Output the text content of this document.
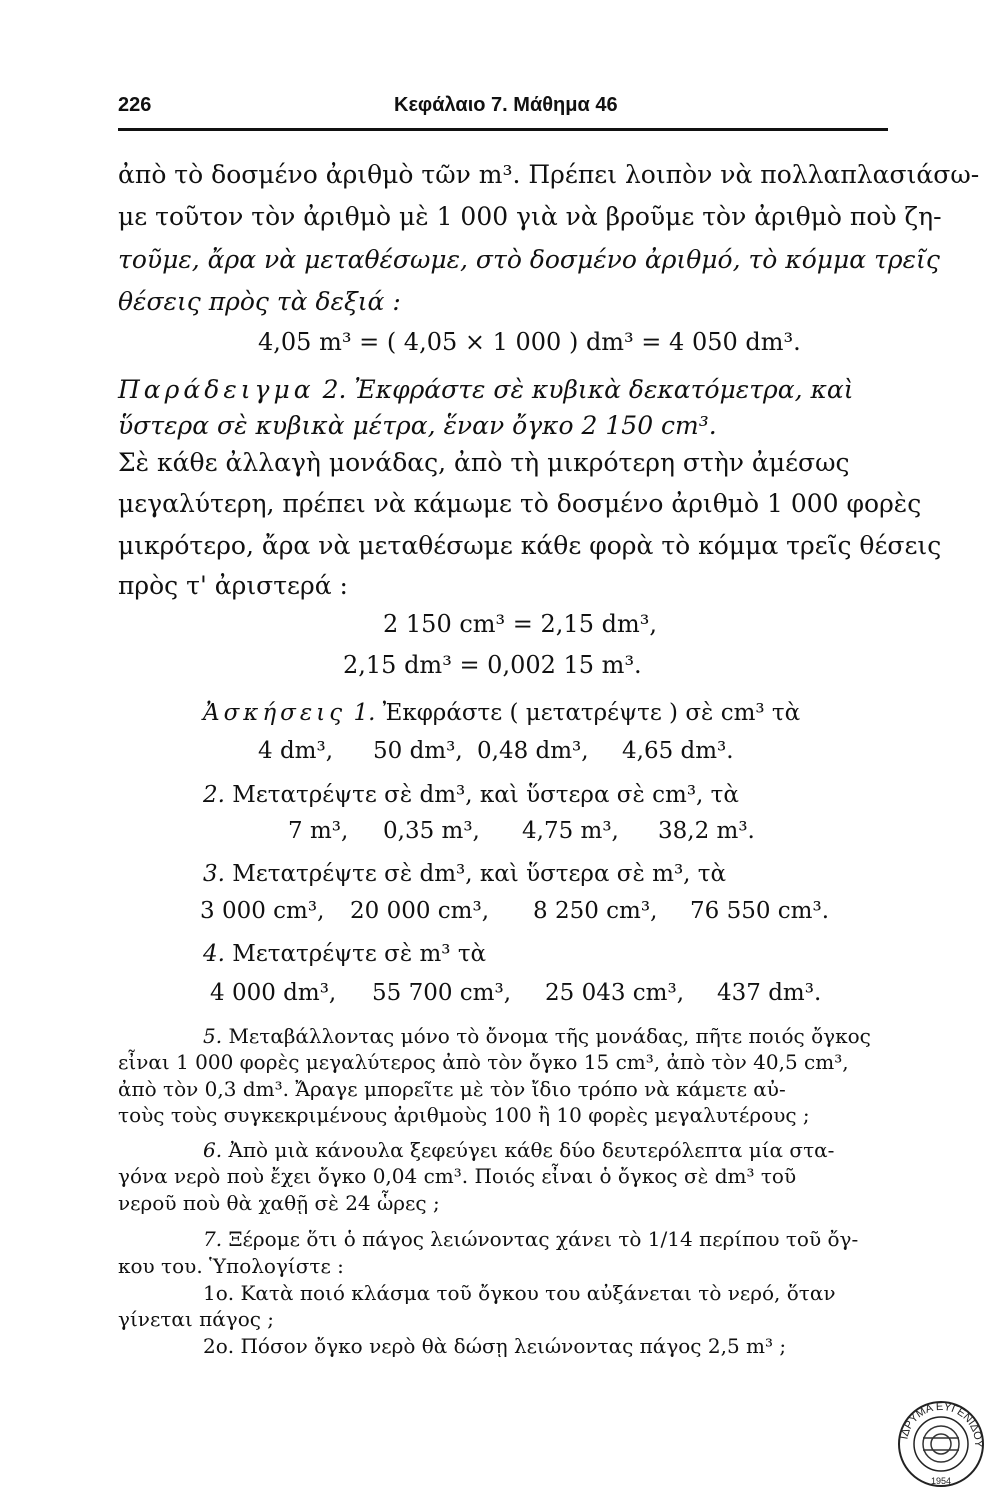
226	Κεφάλαιο 7. Μάθημα 46
ἀπὸ τὸ δοσμένο ἀριθμὸ τῶν m³. Πρέπει λοιπὸν νὰ πολλαπλασιάσω-
με τοῦτον τὸν ἀριθμὸ μὲ 1 000 γιὰ νὰ βροῦμε τὸν ἀριθμὸ ποὺ ζη-
τοῦμε, ἄρα νὰ μεταθέσωμε, στὸ δοσμένο ἀριθμό, τὸ κόμμα τρεῖς
θέσεις πρὸς τὰ δεξιά :
4,05 m³ = ( 4,05 × 1 000 ) dm³ = 4 050 dm³.
Παράδειγμα 2. Ἐκφράστε σὲ κυβικὰ δεκατόμετρα, καὶ
ὕστερα σὲ κυβικὰ μέτρα, ἕναν ὄγκο 2 150 cm³.
Σὲ κάθε ἀλλαγὴ μονάδας, ἀπὸ τὴ μικρότερη στὴν ἀμέσως
μεγαλύτερη, πρέπει νὰ κάμωμε τὸ δοσμένο ἀριθμὸ 1 000 φορὲς
μικρότερο, ἄρα νὰ μεταθέσωμε κάθε φορὰ τὸ κόμμα τρεῖς θέσεις
πρὸς τ' ἀριστερά :
2 150 cm³ = 2,15 dm³,
2,15 dm³ = 0,002 15 m³.
Ἀσκήσεις 1. Ἐκφράστε ( μετατρέψτε ) σὲ cm³ τὰ
4 dm³, 50 dm³, 0,48 dm³, 4,65 dm³.
2. Μετατρέψτε σὲ dm³, καὶ ὕστερα σὲ cm³, τὰ
7 m³, 0,35 m³, 4,75 m³, 38,2 m³.
3. Μετατρέψτε σὲ dm³, καὶ ὕστερα σὲ m³, τὰ
3 000 cm³, 20 000 cm³, 8 250 cm³, 76 550 cm³.
4. Μετατρέψτε σὲ m³ τὰ
4 000 dm³, 55 700 cm³, 25 043 cm³, 437 dm³.
5. Μεταβάλλοντας μόνο τὸ ὄνομα τῆς μονάδας, πῆτε ποιός ὄγκος
εἶναι 1 000 φορὲς μεγαλύτερος ἀπὸ τὸν ὄγκο 15 cm³, ἀπὸ τὸν 40,5 cm³,
ἀπὸ τὸν 0,3 dm³. Ἄραγε μπορεῖτε μὲ τὸν ἴδιο τρόπο νὰ κάμετε αὐ-
τοὺς τοὺς συγκεκριμένους ἀριθμοὺς 100 ἢ 10 φορὲς μεγαλυτέρους ;
6. Ἀπὸ μιὰ κάνουλα ξεφεύγει κάθε δύο δευτερόλεπτα μία στα-
γόνα νερὸ ποὺ ἔχει ὄγκο 0,04 cm³. Ποιός εἶναι ὁ ὄγκος σὲ dm³ τοῦ
νεροῦ ποὺ θὰ χαθῇ σὲ 24 ὧρες ;
7. Ξέρομε ὅτι ὁ πάγος λειώνοντας χάνει τὸ 1/14 περίπου τοῦ ὄγ-
κου του. Ὑπολογίστε :
1ο. Κατὰ ποιό κλάσμα τοῦ ὄγκου του αὐξάνεται τὸ νερό, ὅταν
γίνεται πάγος ;
2ο. Πόσον ὄγκο νερὸ θὰ δώσῃ λειώνοντας πάγος 2,5 m³ ;
ΙΔΡΥΜΑ ΕΥΓΕΝΙΔΟΥ
1954
